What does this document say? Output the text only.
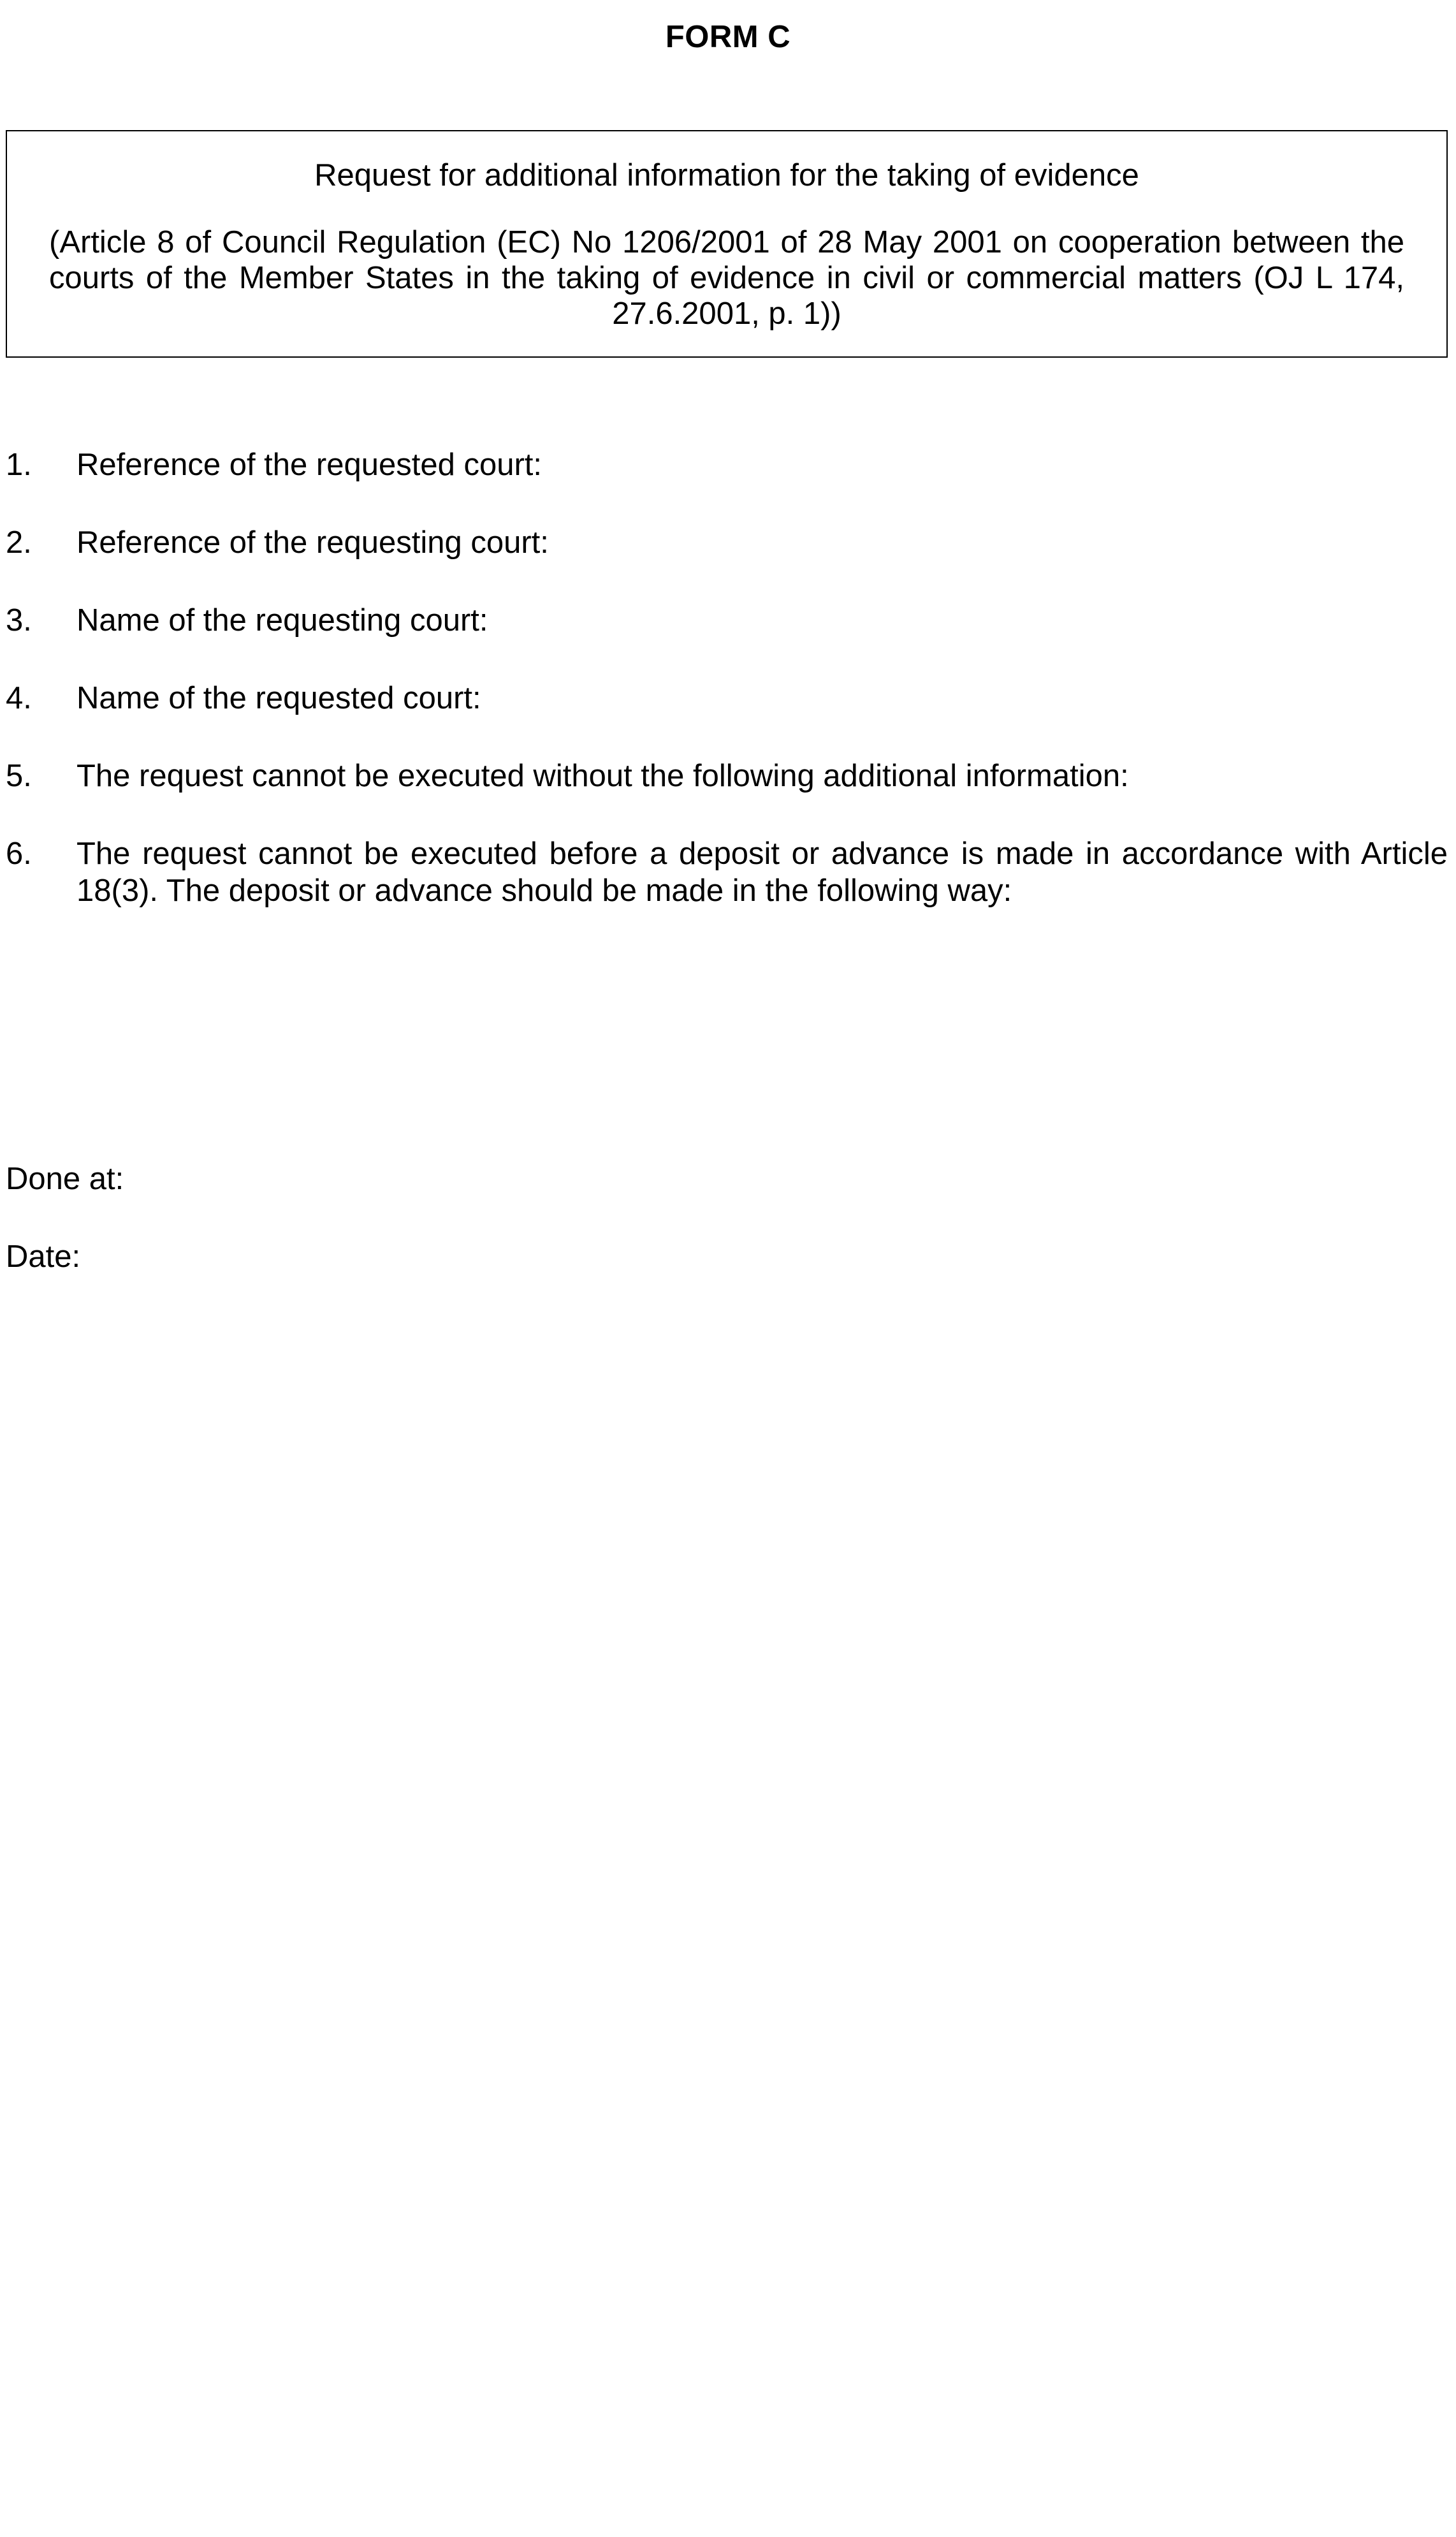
FORM C

Request for additional information for the taking of evidence

(Article 8 of Council Regulation (EC) No 1206/2001 of 28 May 2001 on cooperation between the courts of the Member States in the taking of evidence in civil or commercial matters (OJ L 174, 27.6.2001, p. 1))

1. Reference of the requested court:
2. Reference of the requesting court:
3. Name of the requesting court:
4. Name of the requested court:
5. The request cannot be executed without the following additional information:
6. The request cannot be executed before a deposit or advance is made in accordance with Article 18(3). The deposit or advance should be made in the following way:
Done at:
Date:
